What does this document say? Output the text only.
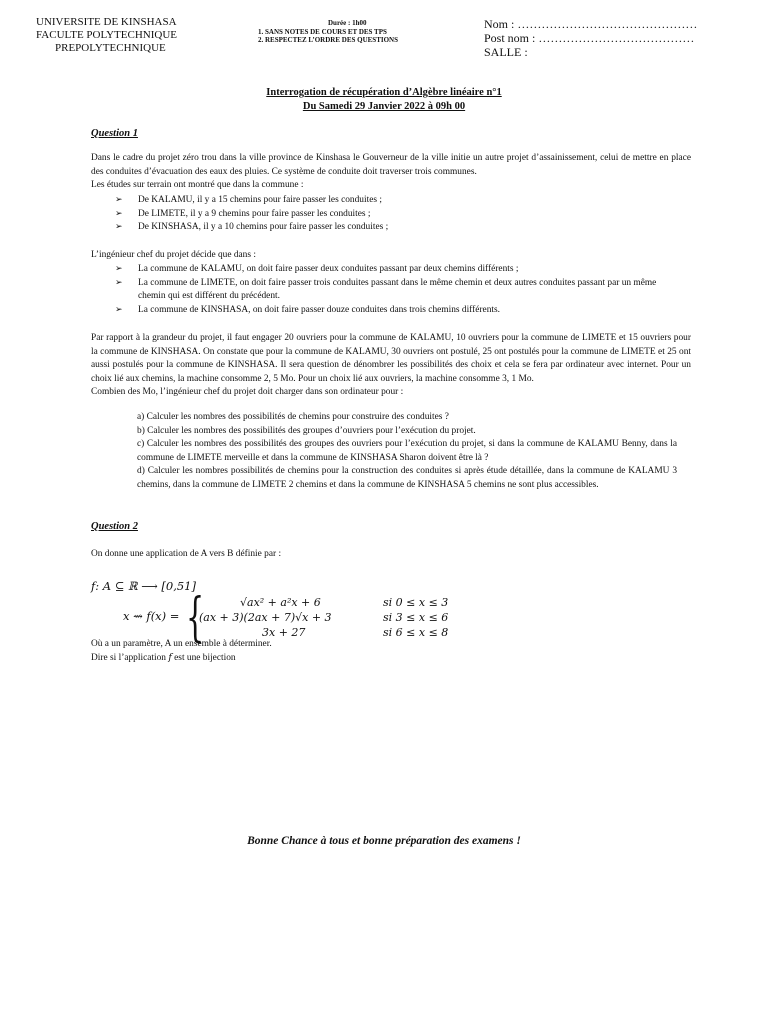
UNIVERSITE DE KINSHASA
FACULTE POLYTECHNIQUE
PREPOLYTECHNIQUE
Durée : 1h00
1. SANS NOTES DE COURS ET DES TPS
2. RESPECTEZ L’ORDRE DES QUESTIONS
Nom : ………………………………………
Post nom : …………………………………
SALLE :
Interrogation de récupération d’Algèbre linéaire n°1
Du Samedi 29 Janvier 2022 à 09h 00
Question 1
Dans le cadre du projet zéro trou dans la ville province de Kinshasa le Gouverneur de la ville initie un autre projet d’assainissement, celui de mettre en place des conduites d’évacuation des eaux des pluies. Ce système de conduite doit traverser trois communes.
Les études sur terrain ont montré que dans la commune :
➢ De KALAMU, il y a 15 chemins pour faire passer les conduites ;
➢ De LIMETE, il y a 9 chemins pour faire passer les conduites ;
➢ De KINSHASA, il y a 10 chemins pour faire passer les conduites ;
L’ingénieur chef du projet décide que dans :
➢ La commune de KALAMU, on doit faire passer deux conduites passant par deux chemins différents ;
➢ La commune de LIMETE, on doit faire passer trois conduites passant dans le même chemin et deux autres conduites passant par un même chemin qui est différent du précédent.
➢ La commune de KINSHASA, on doit faire passer douze conduites dans trois chemins différents.
Par rapport à la grandeur du projet, il faut engager 20 ouvriers pour la commune de KALAMU, 10 ouvriers pour la commune de LIMETE et 15 ouvriers pour la commune de KINSHASA. On constate que pour la commune de KALAMU, 30 ouvriers ont postulé, 25 ont postulés pour la commune de LIMETE et 25 ont aussi postulés pour la commune de KINSHASA. Il sera question de dénombrer les possibilités des choix et cela se fera par ordinateur avec internet. Pour un choix lié aux chemins, la machine consomme 2, 5 Mo. Pour un choix lié aux ouvriers, la machine consomme 3, 1 Mo.
Combien des Mo, l’ingénieur chef du projet doit charger dans son ordinateur pour :
a) Calculer les nombres des possibilités de chemins pour construire des conduites ?
b) Calculer les nombres des possibilités des groupes d’ouvriers pour l’exécution du projet.
c) Calculer les nombres des possibilités des groupes des ouvriers pour l’exécution du projet, si dans la commune de KALAMU Benny, dans la commune de LIMETE merveille et dans la commune de KINSHASA Sharon doivent être là ?
d) Calculer les nombres possibilités de chemins pour la construction des conduites si après étude détaillée, dans la commune de KALAMU 3 chemins, dans la commune de LIMETE 2 chemins et dans la commune de KINSHASA 5 chemins ne sont plus accessibles.
Question 2
On donne une application de A vers B définie par :
𝑓: 𝐴 ⊆ ℝ ⟶ [0,51]
𝑥 ⇝ 𝑓(𝑥) = {	√ax² + a²x + 6
(ax + 3)(2ax + 7)√x + 3
3x + 27
si 0 ≤ x ≤ 3
si 3 ≤ x ≤ 6
si 6 ≤ x ≤ 8
Où a un paramètre, A un ensemble à déterminer.
Dire si l’application 𝑓 est une bijection
Bonne Chance à tous et bonne préparation des examens !
